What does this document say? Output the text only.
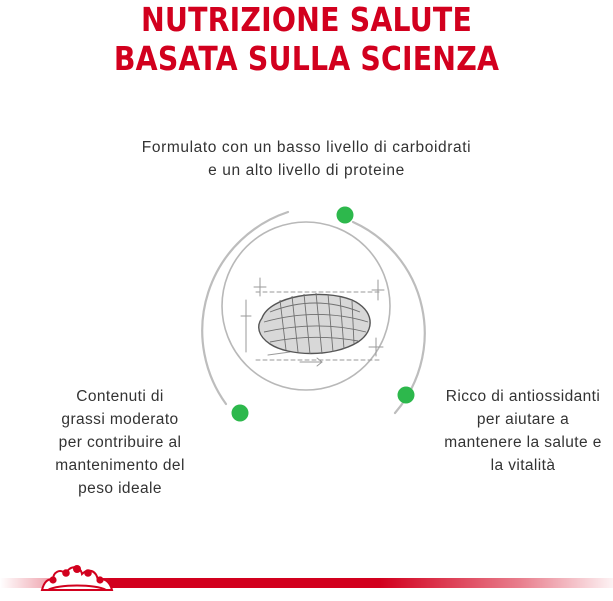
NUTRIZIONE SALUTE
BASATA SULLA SCIENZA
Formulato con un basso livello di carboidrati
e un alto livello di proteine
Contenuti di
grassi moderato
per contribuire al
mantenimento del
peso ideale
Ricco di antiossidanti
per aiutare a
mantenere la salute e
la vitalità
